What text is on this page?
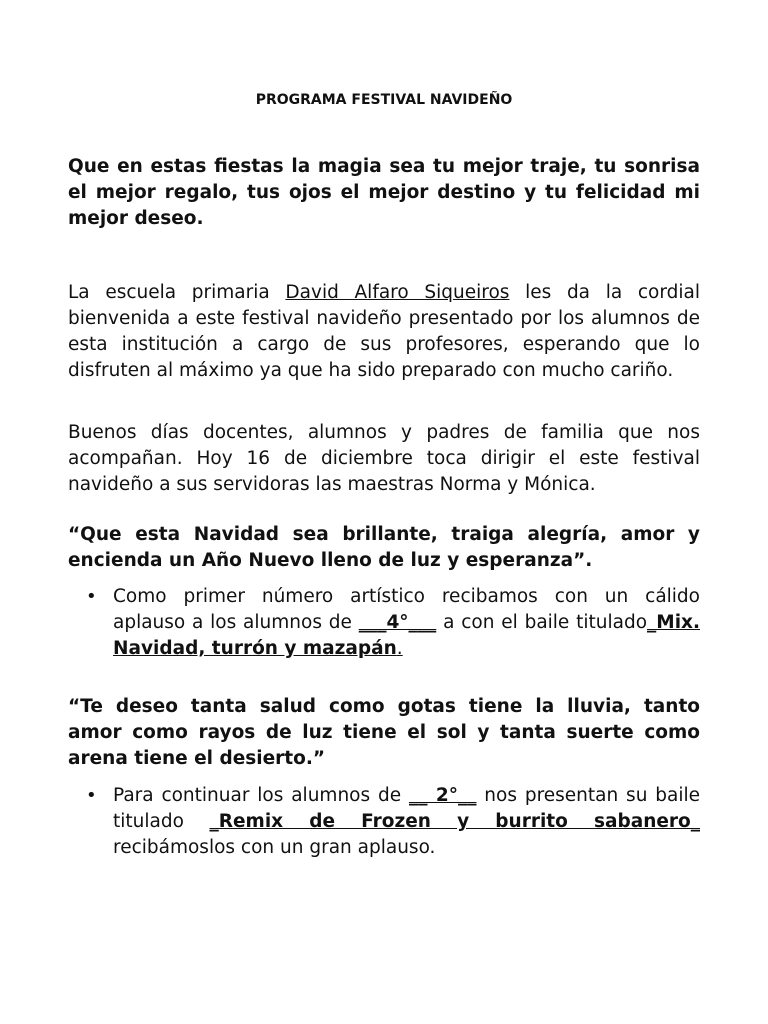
PROGRAMA FESTIVAL NAVIDEÑO

Que en estas fiestas la magia sea tu mejor traje, tu sonrisa el mejor regalo, tus ojos el mejor destino y tu felicidad mi mejor deseo.

La escuela primaria David Alfaro Siqueiros les da la cordial bienvenida a este festival navideño presentado por los alumnos de esta institución a cargo de sus profesores, esperando que lo disfruten al máximo ya que ha sido preparado con mucho cariño.

Buenos días docentes, alumnos y padres de familia que nos acompañan. Hoy 16 de diciembre toca dirigir el este festival navideño a sus servidoras las maestras Norma y Mónica.

“Que esta Navidad sea brillante, traiga alegría, amor y encienda un Año Nuevo lleno de luz y esperanza”.

• Como primer número artístico recibamos con un cálido aplauso a los alumnos de ___4°___ a con el baile titulado_Mix. Navidad, turrón y mazapán.

“Te deseo tanta salud como gotas tiene la lluvia, tanto amor como rayos de luz tiene el sol y tanta suerte como arena tiene el desierto.”

• Para continuar los alumnos de __ 2°__ nos presentan su baile titulado _Remix de Frozen y burrito sabanero_ recibámoslos con un gran aplauso.
